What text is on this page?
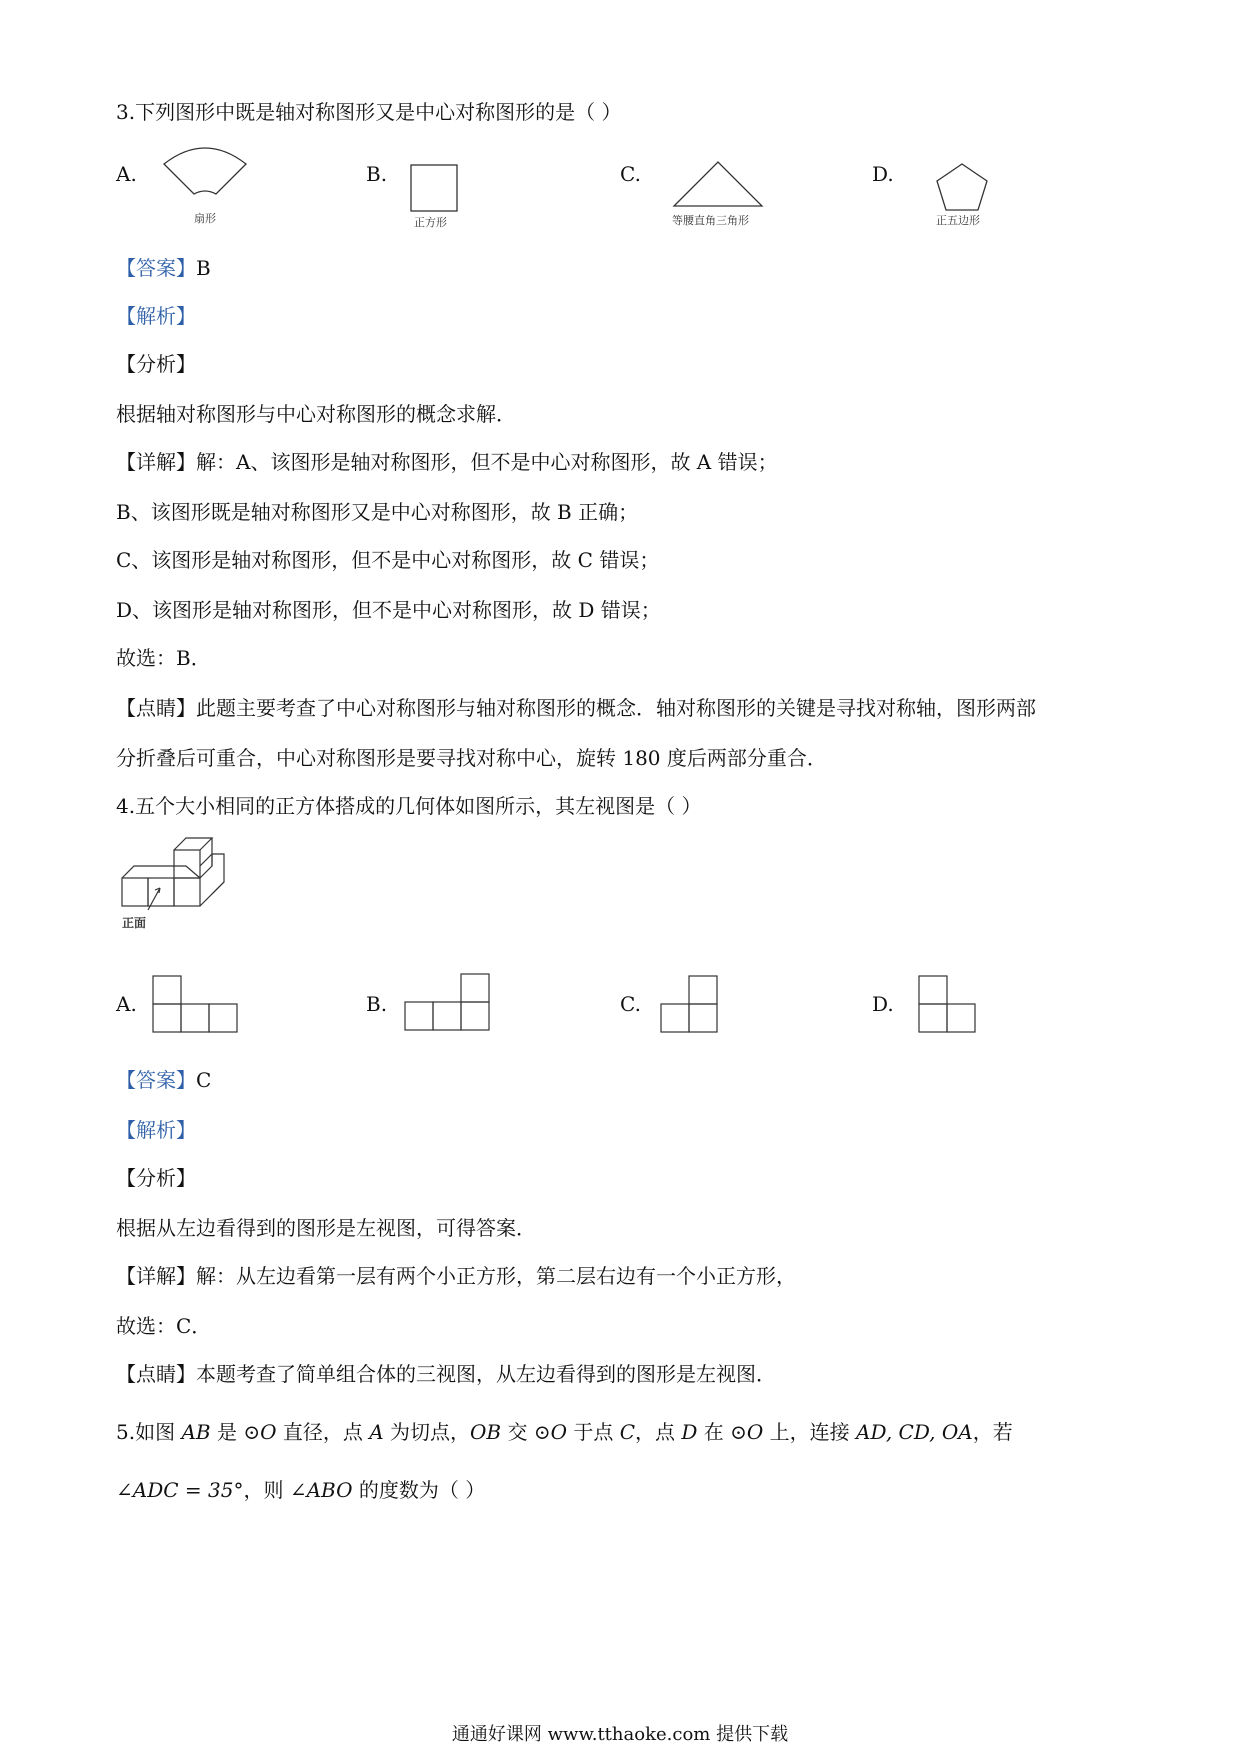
3.下列图形中既是轴对称图形又是中心对称图形的是（ ）
A.
扇形
B.
正方形
C.
等腰直角三角形
D.
正五边形
【答案】B
【解析】
【分析】
根据轴对称图形与中心对称图形的概念求解．
【详解】解：A、该图形是轴对称图形，但不是中心对称图形，故 A 错误；
B、该图形既是轴对称图形又是中心对称图形，故 B 正确；
C、该图形是轴对称图形，但不是中心对称图形，故 C 错误；
D、该图形是轴对称图形，但不是中心对称图形，故 D 错误；
故选：B．
【点睛】此题主要考查了中心对称图形与轴对称图形的概念．轴对称图形的关键是寻找对称轴，图形两部
分折叠后可重合，中心对称图形是要寻找对称中心，旋转 180 度后两部分重合．
4.五个大小相同的正方体搭成的几何体如图所示，其左视图是（ ）
正面
A.	B.	C.	D.
【答案】C
【解析】
【分析】
根据从左边看得到的图形是左视图，可得答案．
【详解】解：从左边看第一层有两个小正方形，第二层右边有一个小正方形，
故选：C．
【点睛】本题考查了简单组合体的三视图，从左边看得到的图形是左视图．
5.如图 AB 是 ⊙O 直径，点 A 为切点，OB 交 ⊙O 于点 C，点 D 在 ⊙O 上，连接 AD, CD, OA，若
∠ADC = 35°，则 ∠ABO 的度数为（ ）
通通好课网 www.tthaoke.com 提供下载
